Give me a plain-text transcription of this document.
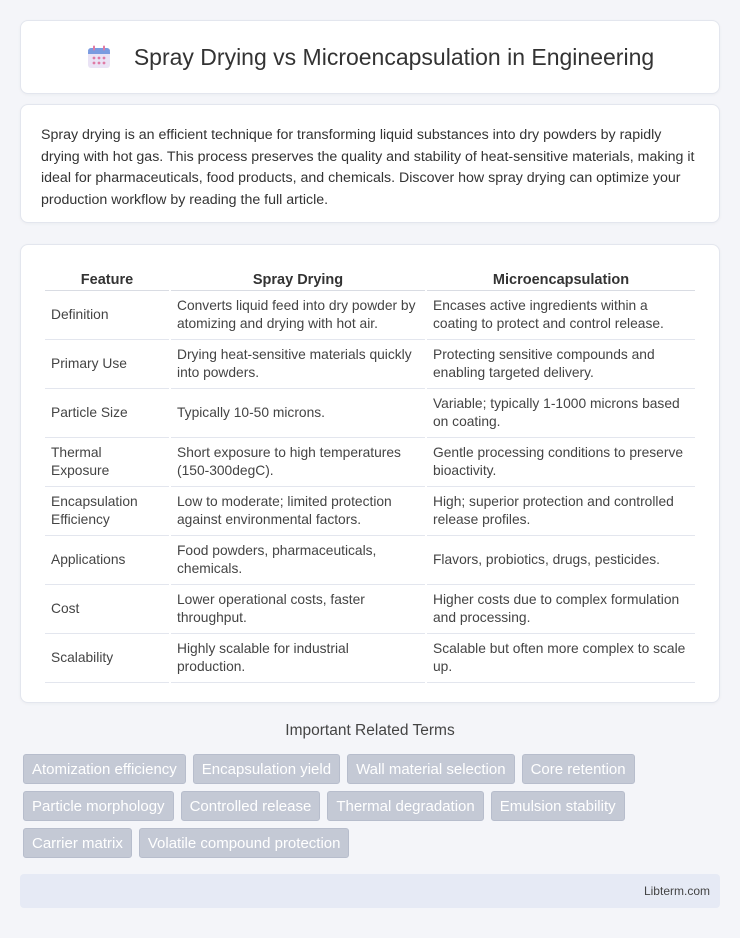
Spray Drying vs Microencapsulation in Engineering

Spray drying is an efficient technique for transforming liquid substances into dry powders by rapidly drying with hot gas. This process preserves the quality and stability of heat-sensitive materials, making it ideal for pharmaceuticals, food products, and chemicals. Discover how spray drying can optimize your production workflow by reading the full article.

Feature	Spray Drying	Microencapsulation
Definition	Converts liquid feed into dry powder by atomizing and drying with hot air.	Encases active ingredients within a coating to protect and control release.
Primary Use	Drying heat-sensitive materials quickly into powders.	Protecting sensitive compounds and enabling targeted delivery.
Particle Size	Typically 10-50 microns.	Variable; typically 1-1000 microns based on coating.
Thermal Exposure	Short exposure to high temperatures (150-300degC).	Gentle processing conditions to preserve bioactivity.
Encapsulation Efficiency	Low to moderate; limited protection against environmental factors.	High; superior protection and controlled release profiles.
Applications	Food powders, pharmaceuticals, chemicals.	Flavors, probiotics, drugs, pesticides.
Cost	Lower operational costs, faster throughput.	Higher costs due to complex formulation and processing.
Scalability	Highly scalable for industrial production.	Scalable but often more complex to scale up.
Important Related Terms
Atomization efficiency	Encapsulation yield	Wall material selection	Core retention
Particle morphology	Controlled release	Thermal degradation	Emulsion stability
Carrier matrix	Volatile compound protection
Libterm.com
